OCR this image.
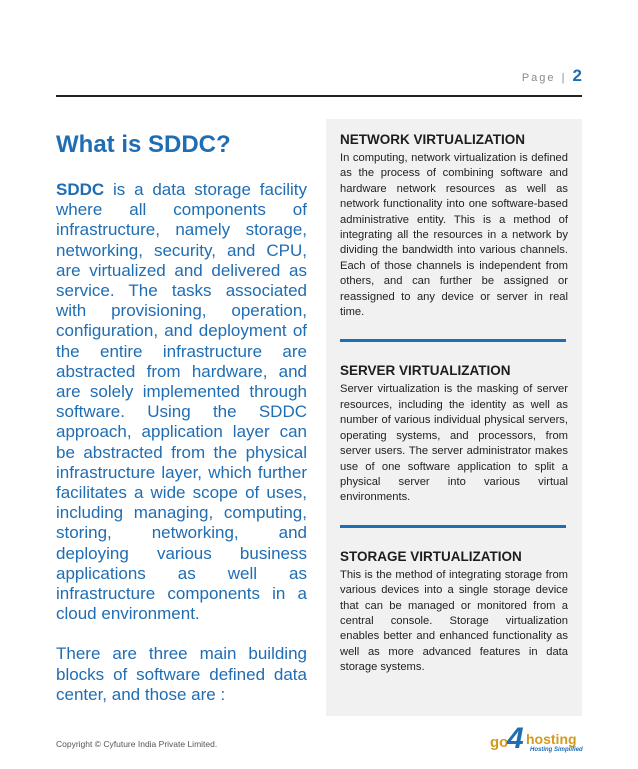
Page | 2
What is SDDC?

SDDC is a data storage facility where all components of infrastructure, namely storage, networking, security, and CPU, are virtualized and delivered as service. The tasks associated with provisioning, operation, configuration, and deployment of the entire infrastructure are abstracted from hardware, and are solely implemented through software. Using the SDDC approach, application layer can be abstracted from the physical infrastructure layer, which further facilitates a wide scope of uses, including managing, computing, storing, networking, and deploying various business applications as well as infrastructure components in a cloud environment.

There are three main building blocks of software defined data center, and those are :

NETWORK VIRTUALIZATION

In computing, network virtualization is defined as the process of combining software and hardware network resources as well as network functionality into one software-based administrative entity. This is a method of integrating all the resources in a network by dividing the bandwidth into various channels. Each of those channels is independent from others, and can further be assigned or reassigned to any device or server in real time.

SERVER VIRTUALIZATION

Server virtualization is the masking of server resources, including the identity as well as number of various individual physical servers, operating systems, and processors, from server users. The server administrator makes use of one software application to split a physical server into various virtual environments.

STORAGE VIRTUALIZATION

This is the method of integrating storage from various devices into a single storage device that can be managed or monitored from a central console. Storage virtualization enables better and enhanced functionality as well as more advanced features in data storage systems.

Copyright © Cyfuture India Private Limited.	go
4 hosting
Hosting Simplified
